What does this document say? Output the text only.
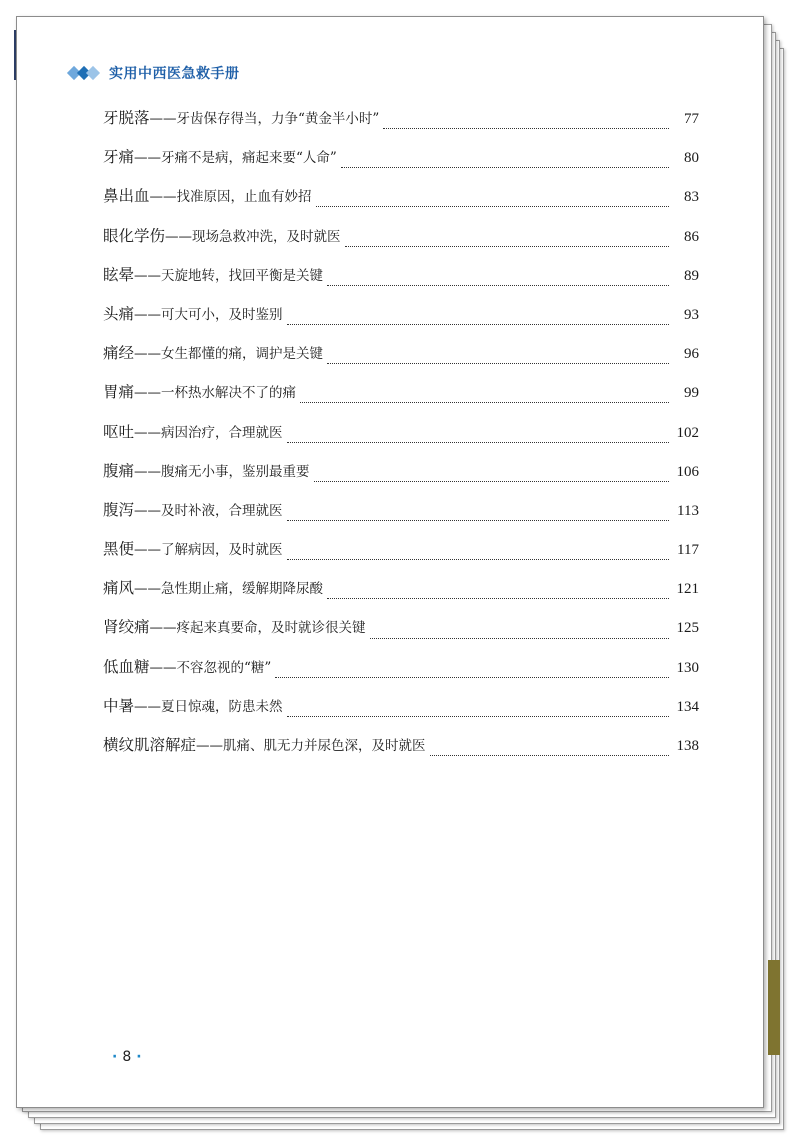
实用中西医急救手册
牙脱落 ——牙齿保存得当，力争“黄金半小时”	77
牙痛 ——牙痛不是病，痛起来要“人命”	80
鼻出血 ——找准原因，止血有妙招	83
眼化学伤 ——现场急救冲洗，及时就医	86
眩晕 ——天旋地转，找回平衡是关键	89
头痛 ——可大可小，及时鉴别	93
痛经 ——女生都懂的痛，调护是关键	96
胃痛 ——一杯热水解决不了的痛	99
呕吐 ——病因治疗，合理就医	102
腹痛 ——腹痛无小事，鉴别最重要	106
腹泻 ——及时补液，合理就医	113
黑便 ——了解病因，及时就医	117
痛风 ——急性期止痛，缓解期降尿酸	121
肾绞痛 ——疼起来真要命，及时就诊很关键	125
低血糖 ——不容忽视的“糖”	130
中暑 ——夏日惊魂，防患未然	134
横纹肌溶解症 ——肌痛、肌无力并尿色深，及时就医	138
· 8 ·
